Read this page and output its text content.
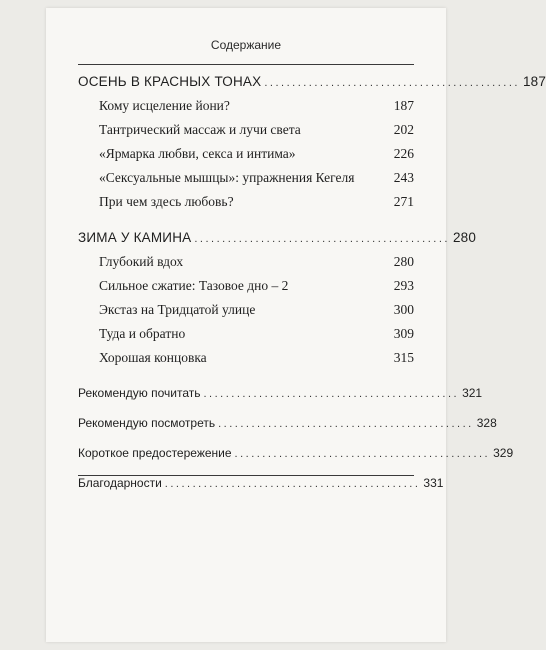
Содержание
ОСЕНЬ В КРАСНЫХ ТОНАХ .............................................. 187
Кому исцеление йони?	187
Тантрический массаж и лучи света	202
«Ярмарка любви, секса и интима»	226
«Сексуальные мышцы»: упражнения Кегеля	243
При чем здесь любовь?	271
ЗИМА У КАМИНА .............................................. 280
Глубокий вдох	280
Сильное сжатие: Тазовое дно – 2	293
Экстаз на Тридцатой улице	300
Туда и обратно	309
Хорошая концовка	315
Рекомендую почитать .............................................. 321
Рекомендую посмотреть .............................................. 328
Короткое предостережение .............................................. 329
Благодарности .............................................. 331
